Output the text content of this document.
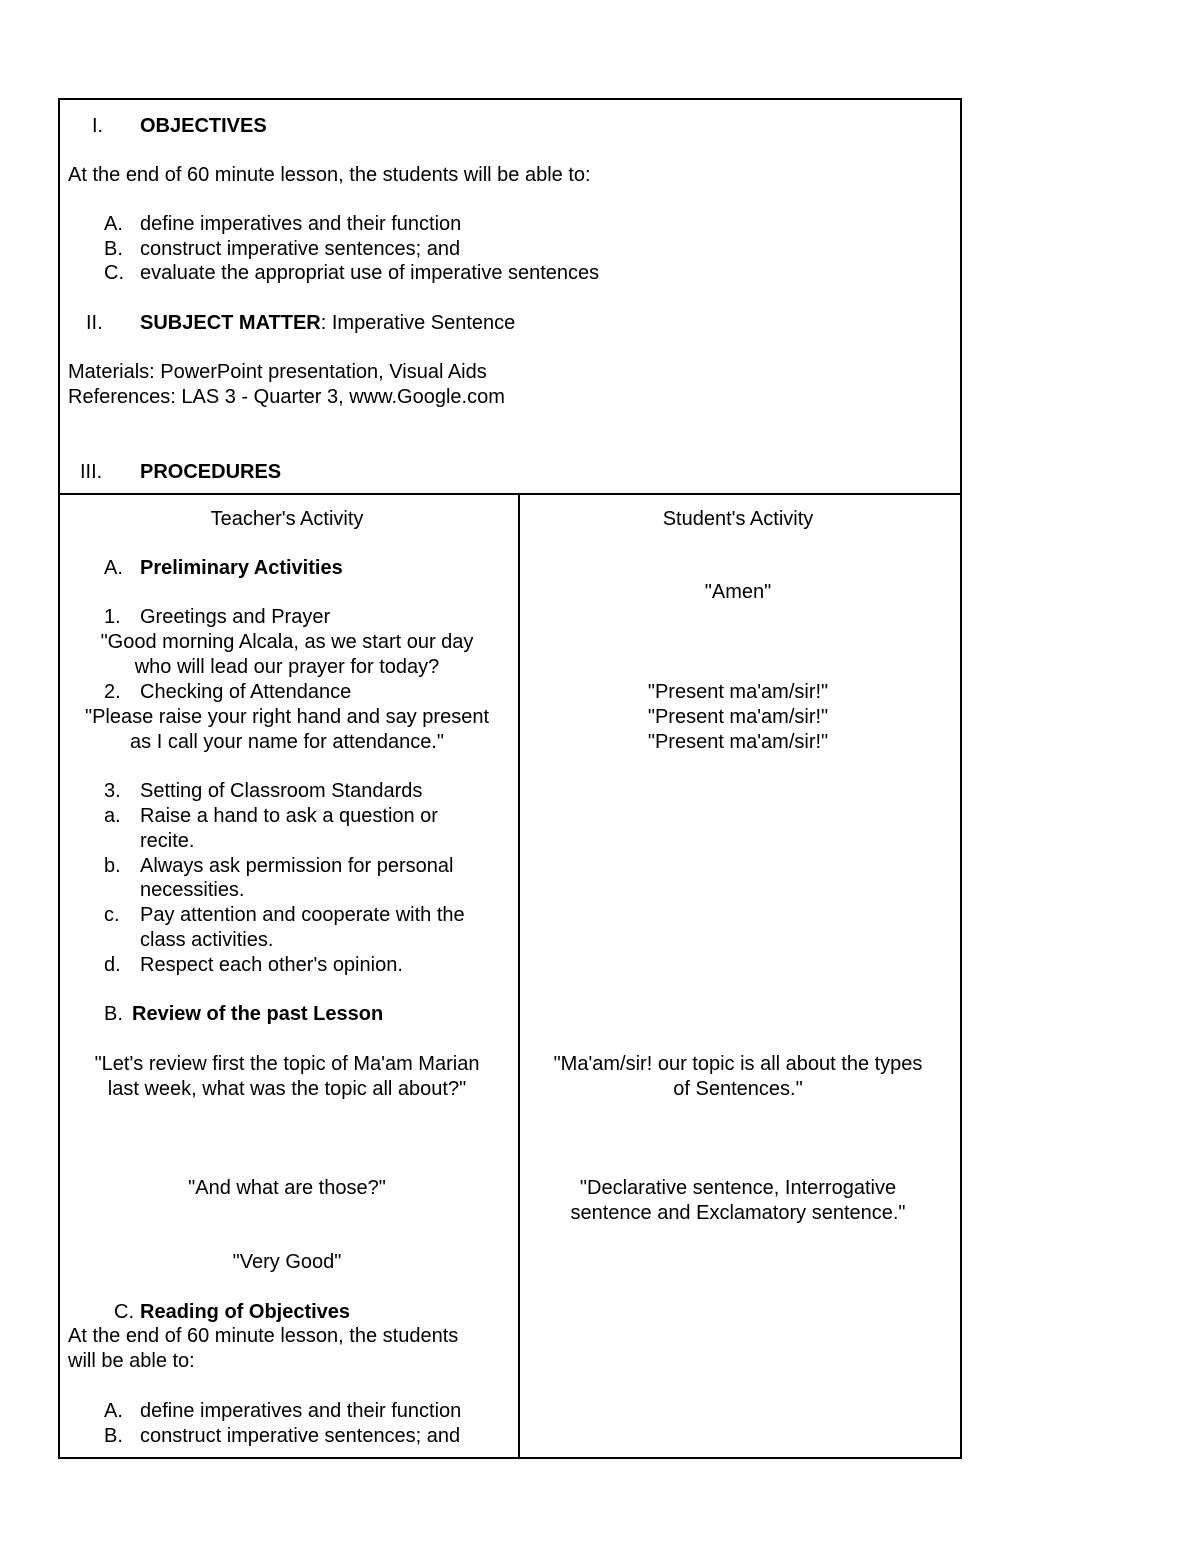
I. OBJECTIVES
At the end of 60 minute lesson, the students will be able to:
A. define imperatives and their function
B. construct imperative sentences; and
C. evaluate the appropriat use of imperative sentences
II. SUBJECT MATTER: Imperative Sentence
Materials: PowerPoint presentation, Visual Aids
References: LAS 3 - Quarter 3, www.Google.com
III. PROCEDURES
Teacher's Activity
A. Preliminary Activities
1. Greetings and Prayer
"Good morning Alcala, as we start our day
who will lead our prayer for today?
2. Checking of Attendance
"Please raise your right hand and say present
as I call your name for attendance."
3. Setting of Classroom Standards
a. Raise a hand to ask a question or
recite.
b. Always ask permission for personal
necessities.
c. Pay attention and cooperate with the
class activities.
d. Respect each other's opinion.
B. Review of the past Lesson
"Let's review first the topic of Ma'am Marian
last week, what was the topic all about?"
"And what are those?"
"Very Good"
C. Reading of Objectives
At the end of 60 minute lesson, the students
will be able to:
A. define imperatives and their function
B. construct imperative sentences; and
Student's Activity
"Amen"
"Present ma'am/sir!"
"Present ma'am/sir!"
"Present ma'am/sir!"
"Ma'am/sir! our topic is all about the types
of Sentences."
"Declarative sentence, Interrogative
sentence and Exclamatory sentence."
